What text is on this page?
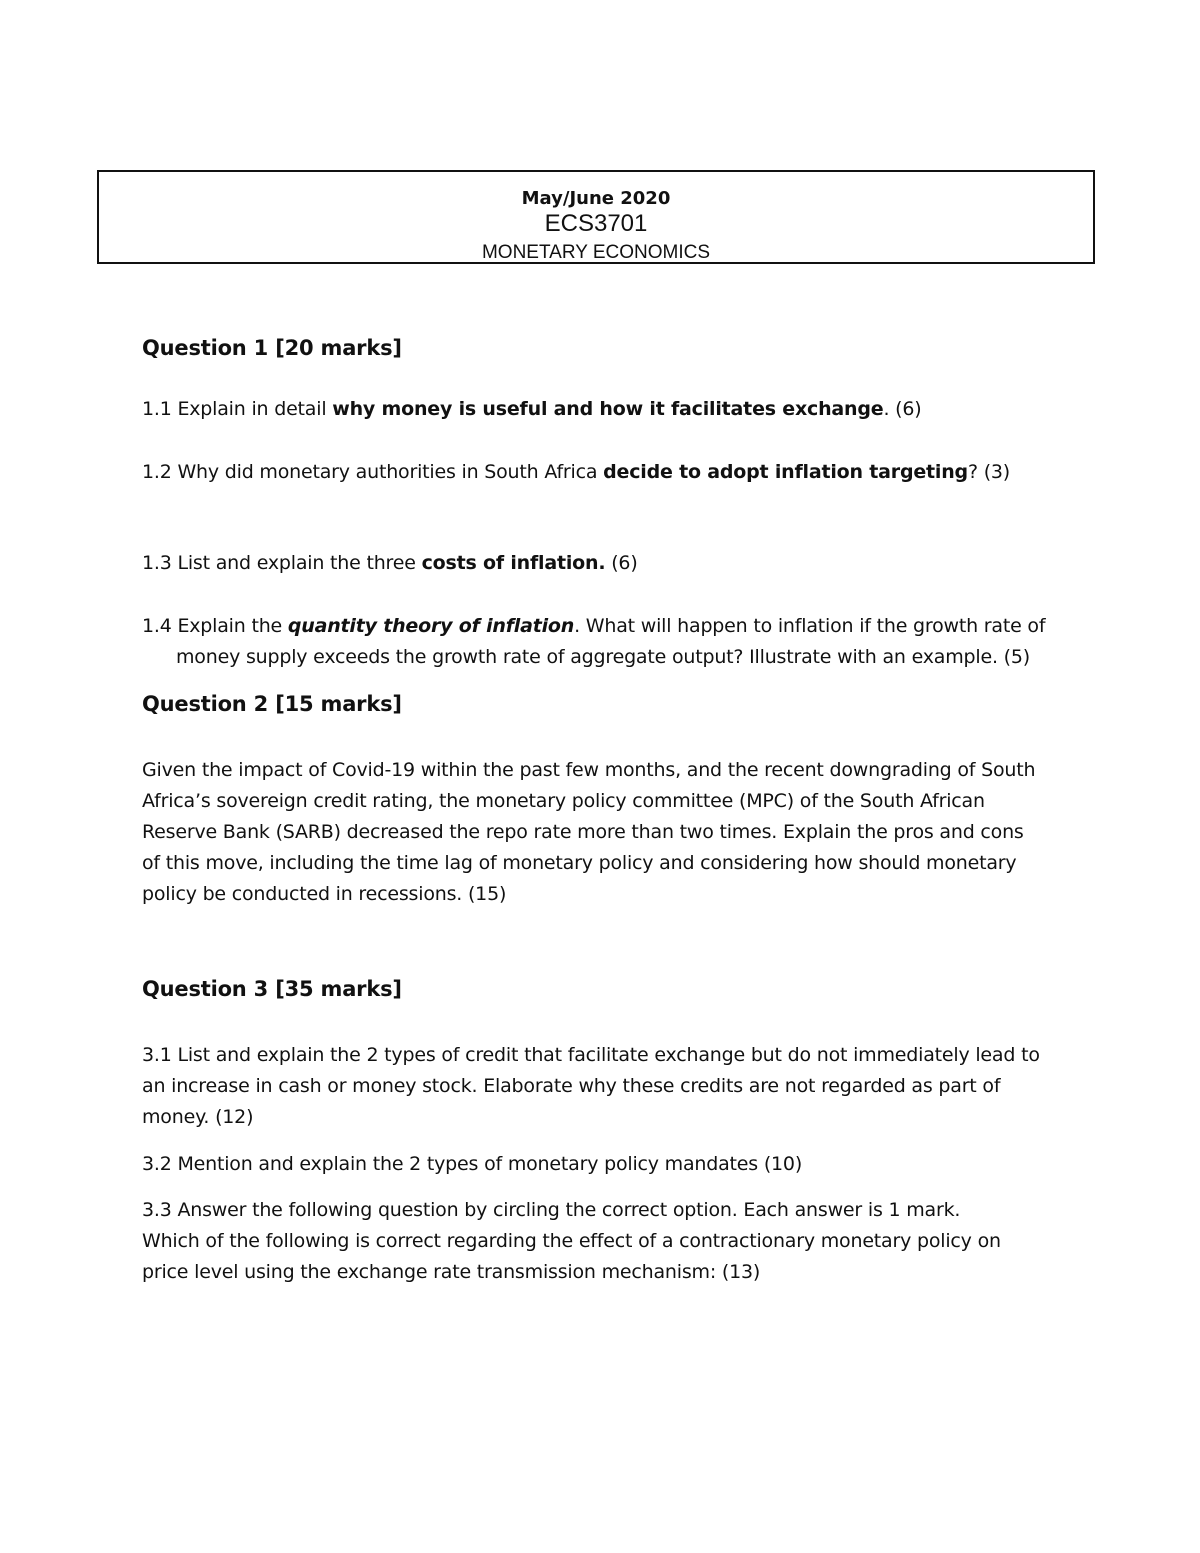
May/June 2020
ECS3701
MONETARY ECONOMICS
Question 1 [20 marks]
1.1 Explain in detail why money is useful and how it facilitates exchange. (6)
1.2 Why did monetary authorities in South Africa decide to adopt inflation targeting? (3)
1.3 List and explain the three costs of inflation. (6)
1.4 Explain the quantity theory of inflation. What will happen to inflation if the growth rate of
money supply exceeds the growth rate of aggregate output? Illustrate with an example. (5)
Question 2 [15 marks]
Given the impact of Covid-19 within the past few months, and the recent downgrading of South
Africa’s sovereign credit rating, the monetary policy committee (MPC) of the South African
Reserve Bank (SARB) decreased the repo rate more than two times. Explain the pros and cons
of this move, including the time lag of monetary policy and considering how should monetary
policy be conducted in recessions. (15)
Question 3 [35 marks]
3.1 List and explain the 2 types of credit that facilitate exchange but do not immediately lead to
an increase in cash or money stock. Elaborate why these credits are not regarded as part of
money. (12)
3.2 Mention and explain the 2 types of monetary policy mandates (10)
3.3 Answer the following question by circling the correct option. Each answer is 1 mark.
Which of the following is correct regarding the effect of a contractionary monetary policy on
price level using the exchange rate transmission mechanism: (13)
